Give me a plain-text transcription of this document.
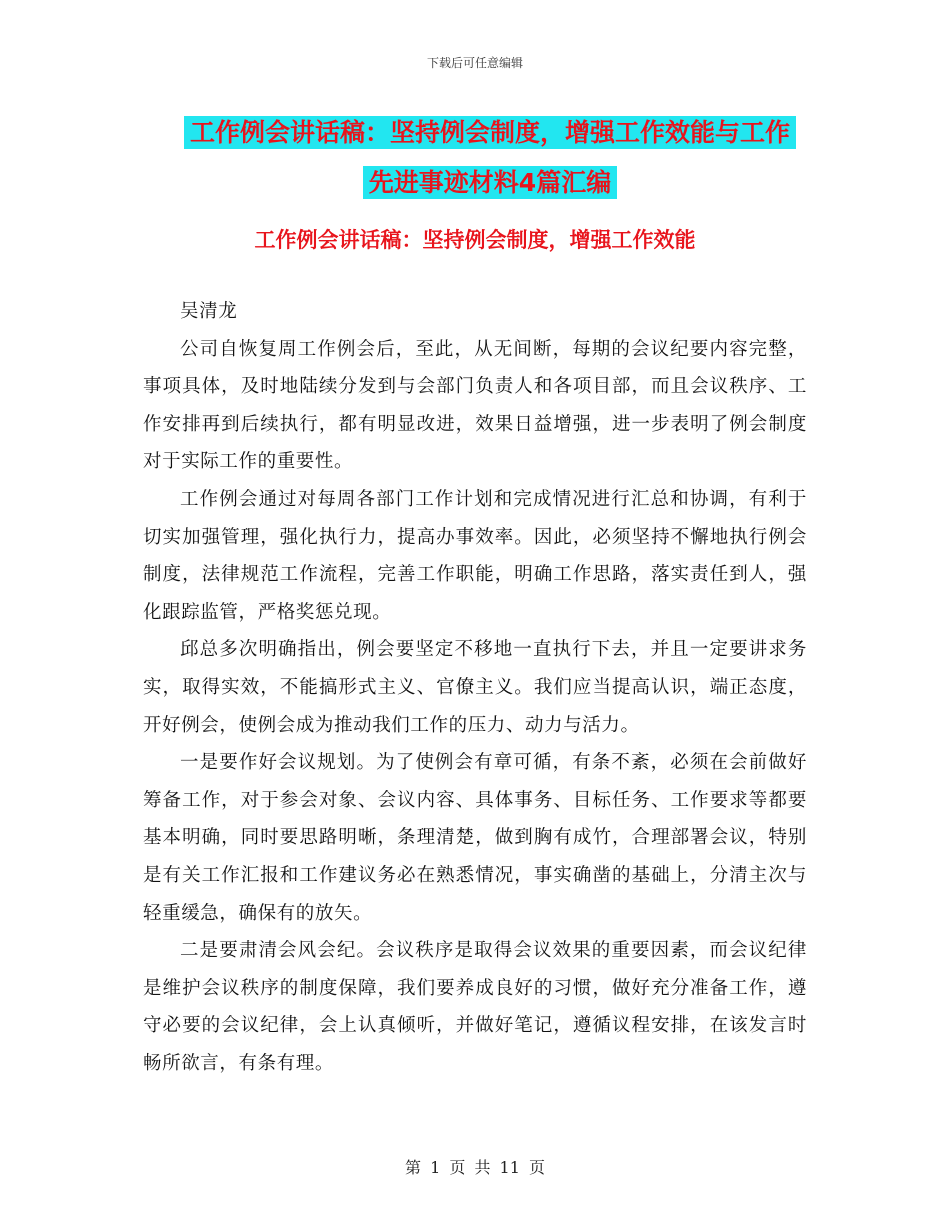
下载后可任意编辑
工作例会讲话稿：坚持例会制度，增强工作效能与工作先进事迹材料4篇汇编
工作例会讲话稿：坚持例会制度，增强工作效能

吴清龙

公司自恢复周工作例会后，至此，从无间断，每期的会议纪要内容完整，事项具体，及时地陆续分发到与会部门负责人和各项目部，而且会议秩序、工作安排再到后续执行，都有明显改进，效果日益增强，进一步表明了例会制度对于实际工作的重要性。

工作例会通过对每周各部门工作计划和完成情况进行汇总和协调，有利于切实加强管理，强化执行力，提高办事效率。因此，必须坚持不懈地执行例会制度，法律规范工作流程，完善工作职能，明确工作思路，落实责任到人，强化跟踪监管，严格奖惩兑现。

邱总多次明确指出，例会要坚定不移地一直执行下去，并且一定要讲求务实，取得实效，不能搞形式主义、官僚主义。我们应当提高认识，端正态度，开好例会，使例会成为推动我们工作的压力、动力与活力。

一是要作好会议规划。为了使例会有章可循，有条不紊，必须在会前做好筹备工作，对于参会对象、会议内容、具体事务、目标任务、工作要求等都要基本明确，同时要思路明晰，条理清楚，做到胸有成竹，合理部署会议，特别是有关工作汇报和工作建议务必在熟悉情况，事实确凿的基础上，分清主次与轻重缓急，确保有的放矢。

二是要肃清会风会纪。会议秩序是取得会议效果的重要因素，而会议纪律是维护会议秩序的制度保障，我们要养成良好的习惯，做好充分准备工作，遵守必要的会议纪律，会上认真倾听，并做好笔记，遵循议程安排，在该发言时畅所欲言，有条有理。

第 1 页 共 11 页
